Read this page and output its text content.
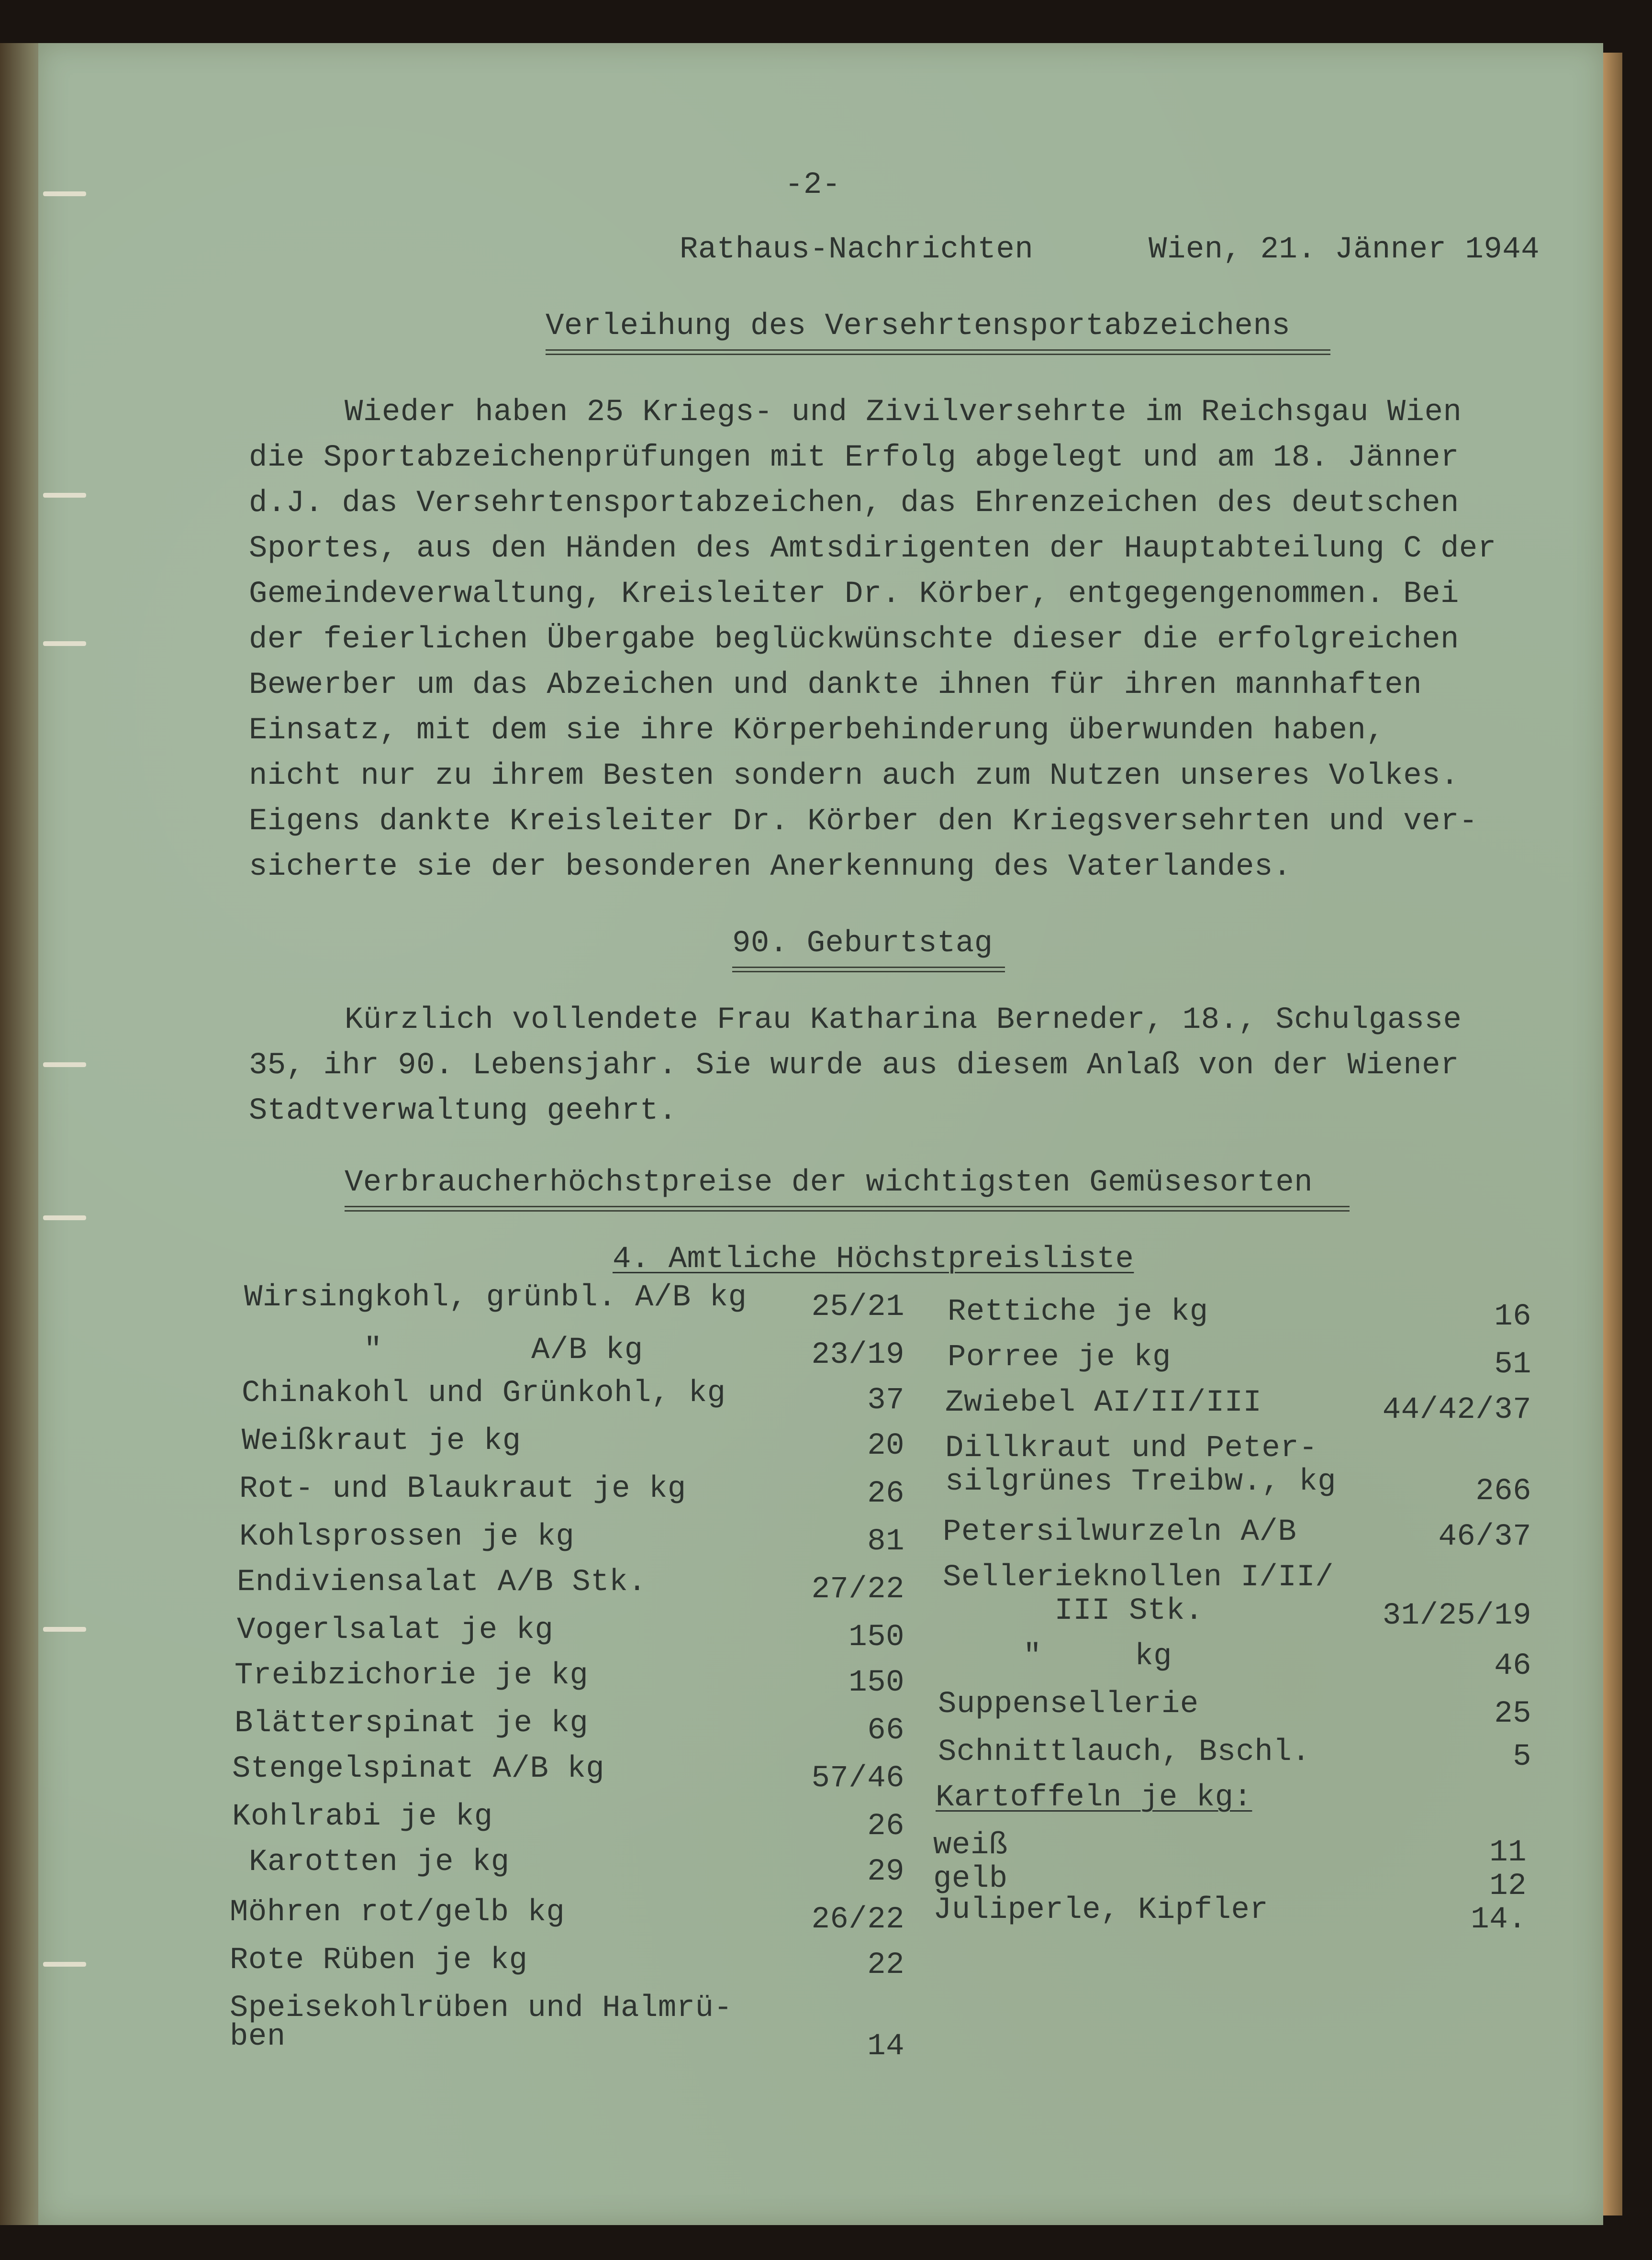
-2-
Rathaus-Nachrichten	Wien, 21. Jänner 1944
Verleihung des Versehrtensportabzeichens
Wieder haben 25 Kriegs- und Zivilversehrte im Reichsgau Wien
die Sportabzeichenprüfungen mit Erfolg abgelegt und am 18. Jänner
d.J. das Versehrtensportabzeichen, das Ehrenzeichen des deutschen
Sportes, aus den Händen des Amtsdirigenten der Hauptabteilung C der
Gemeindeverwaltung, Kreisleiter Dr. Körber, entgegengenommen. Bei
der feierlichen Übergabe beglückwünschte dieser die erfolgreichen
Bewerber um das Abzeichen und dankte ihnen für ihren mannhaften
Einsatz, mit dem sie ihre Körperbehinderung überwunden haben,
nicht nur zu ihrem Besten sondern auch zum Nutzen unseres Volkes.
Eigens dankte Kreisleiter Dr. Körber den Kriegsversehrten und ver-
sicherte sie der besonderen Anerkennung des Vaterlandes.
90. Geburtstag
Kürzlich vollendete Frau Katharina Berneder, 18., Schulgasse
35, ihr 90. Lebensjahr. Sie wurde aus diesem Anlaß von der Wiener
Stadtverwaltung geehrt.
Verbraucherhöchstpreise der wichtigsten Gemüsesorten
4. Amtliche Höchstpreisliste
Wirsingkohl, grünbl. A/B kg	25/21
"        A/B kg	23/19
Chinakohl und Grünkohl, kg	37
Weißkraut je kg	20
Rot- und Blaukraut je kg	26
Kohlsprossen je kg	81
Endiviensalat A/B Stk.	27/22
Vogerlsalat je kg	150
Treibzichorie je kg	150
Blätterspinat je kg	66
Stengelspinat A/B kg	57/46
Kohlrabi je kg	26
Karotten je kg	29
Möhren rot/gelb kg	26/22
Rote Rüben je kg	22
Speisekohlrüben und Halmrü-
ben	14
Rettiche je kg	16
Porree je kg	51
Zwiebel AI/II/III	44/42/37
Dillkraut und Peter-
silgrünes Treibw., kg	266
Petersilwurzeln A/B	46/37
Sellerieknollen I/II/
III Stk.	31/25/19
"     kg	46
Suppensellerie	25
Schnittlauch, Bschl.	5
Kartoffeln je kg:
weiß	11
gelb	12
Juliperle, Kipfler	14.
